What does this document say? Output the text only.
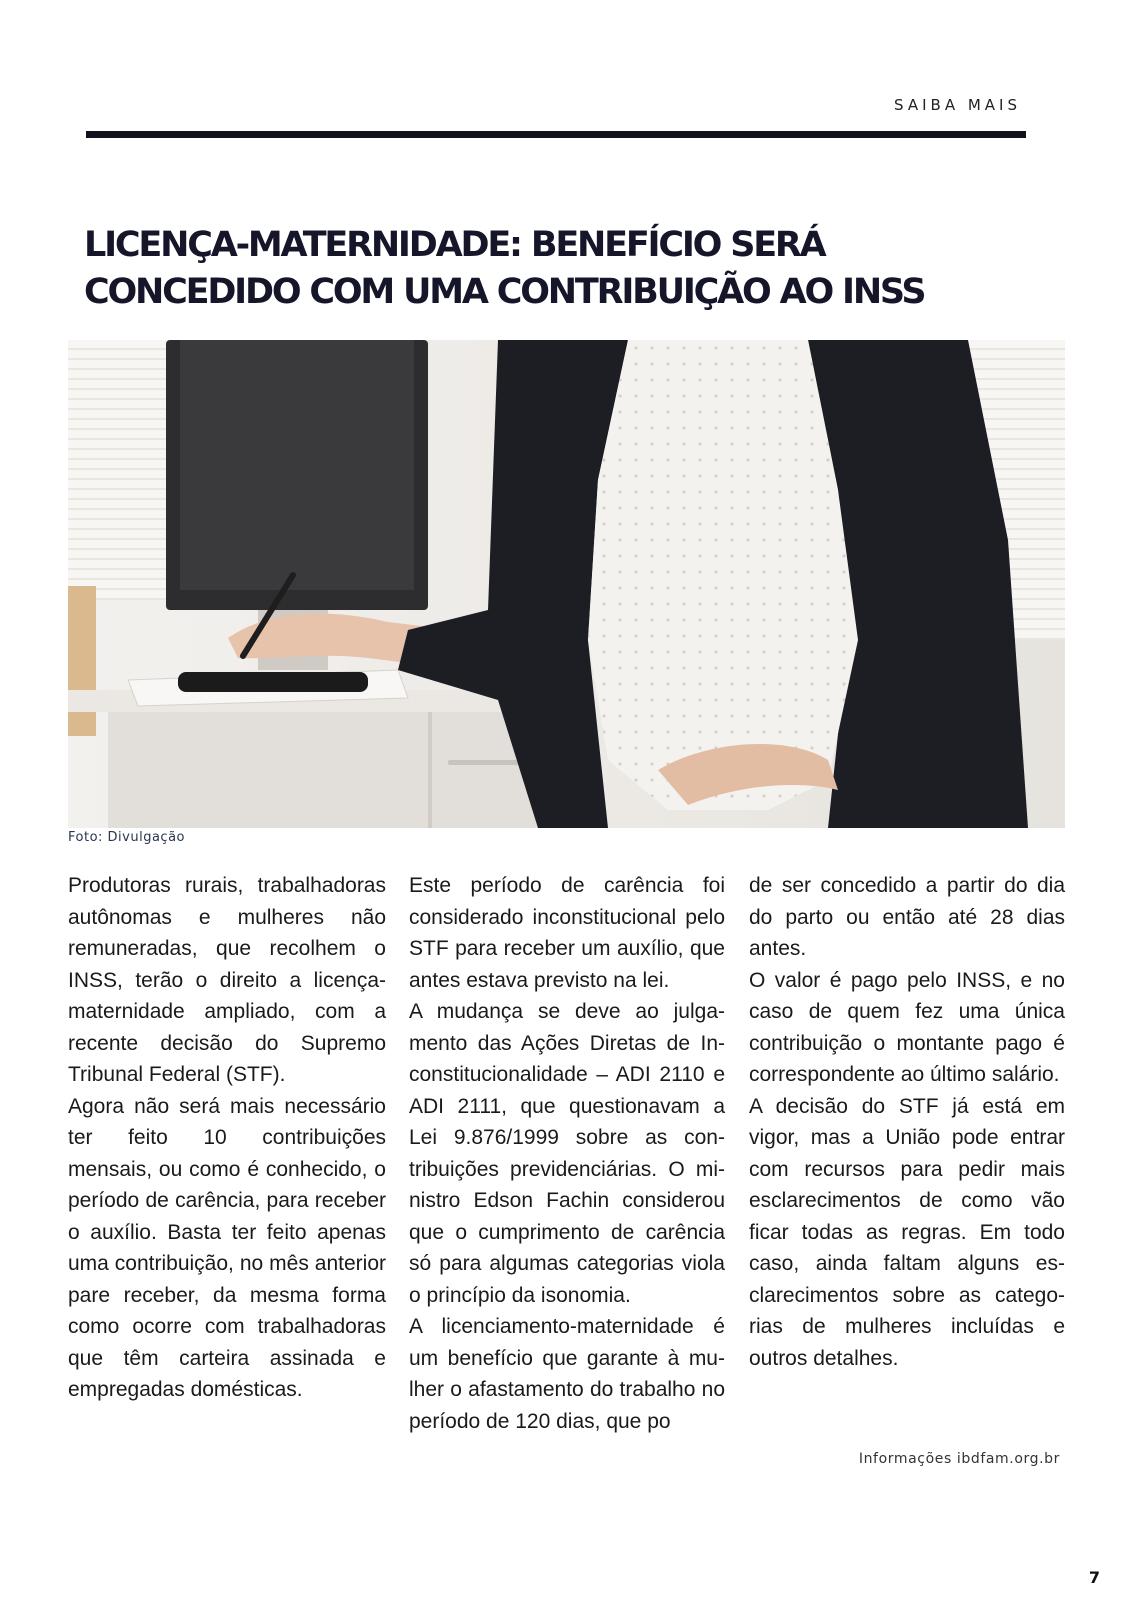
SAIBA MAIS
LICENÇA-MATERNIDADE: BENEFÍCIO SERÁ
CONCEDIDO COM UMA CONTRIBUIÇÃO AO INSS
Foto: Divulgação

Produtoras rurais, trabalhadoras autônomas e mulheres não remuneradas, que recolhem o INSS, terão o direito a licença-maternidade ampliado, com a recente decisão do Supremo Tribunal Federal (STF).

Agora não será mais necessário ter feito 10 contribuições mensais, ou como é conhecido, o período de carência, para receber o auxílio. Basta ter feito apenas uma contribuição, no mês anterior pare receber, da mesma forma como ocorre com trabalhadoras que têm carteira assinada e empregadas domésticas.

Este período de carência foi considerado inconstitucional pelo STF para receber um auxílio, que antes estava previsto na lei.

A mudança se deve ao julgamento das Ações Diretas de Inconstitucionalidade – ADI 2110 e ADI 2111, que questionavam a Lei 9.876/1999 sobre as contribuições previdenciárias. O ministro Edson Fachin considerou que o cumprimento de carência só para algumas categorias viola o princípio da isonomia.

A licenciamento-maternidade é um benefício que garante à mulher o afastamento do trabalho no período de 120 dias, que po

de ser concedido a partir do dia do parto ou então até 28 dias antes.

O valor é pago pelo INSS, e no caso de quem fez uma única contribuição o montante pago é correspondente ao último salário.

A decisão do STF já está em vigor, mas a União pode entrar com recursos para pedir mais esclarecimentos de como vão ficar todas as regras. Em todo caso, ainda faltam alguns esclarecimentos sobre as categorias de mulheres incluídas e outros detalhes.

Informações ibdfam.org.br
7
